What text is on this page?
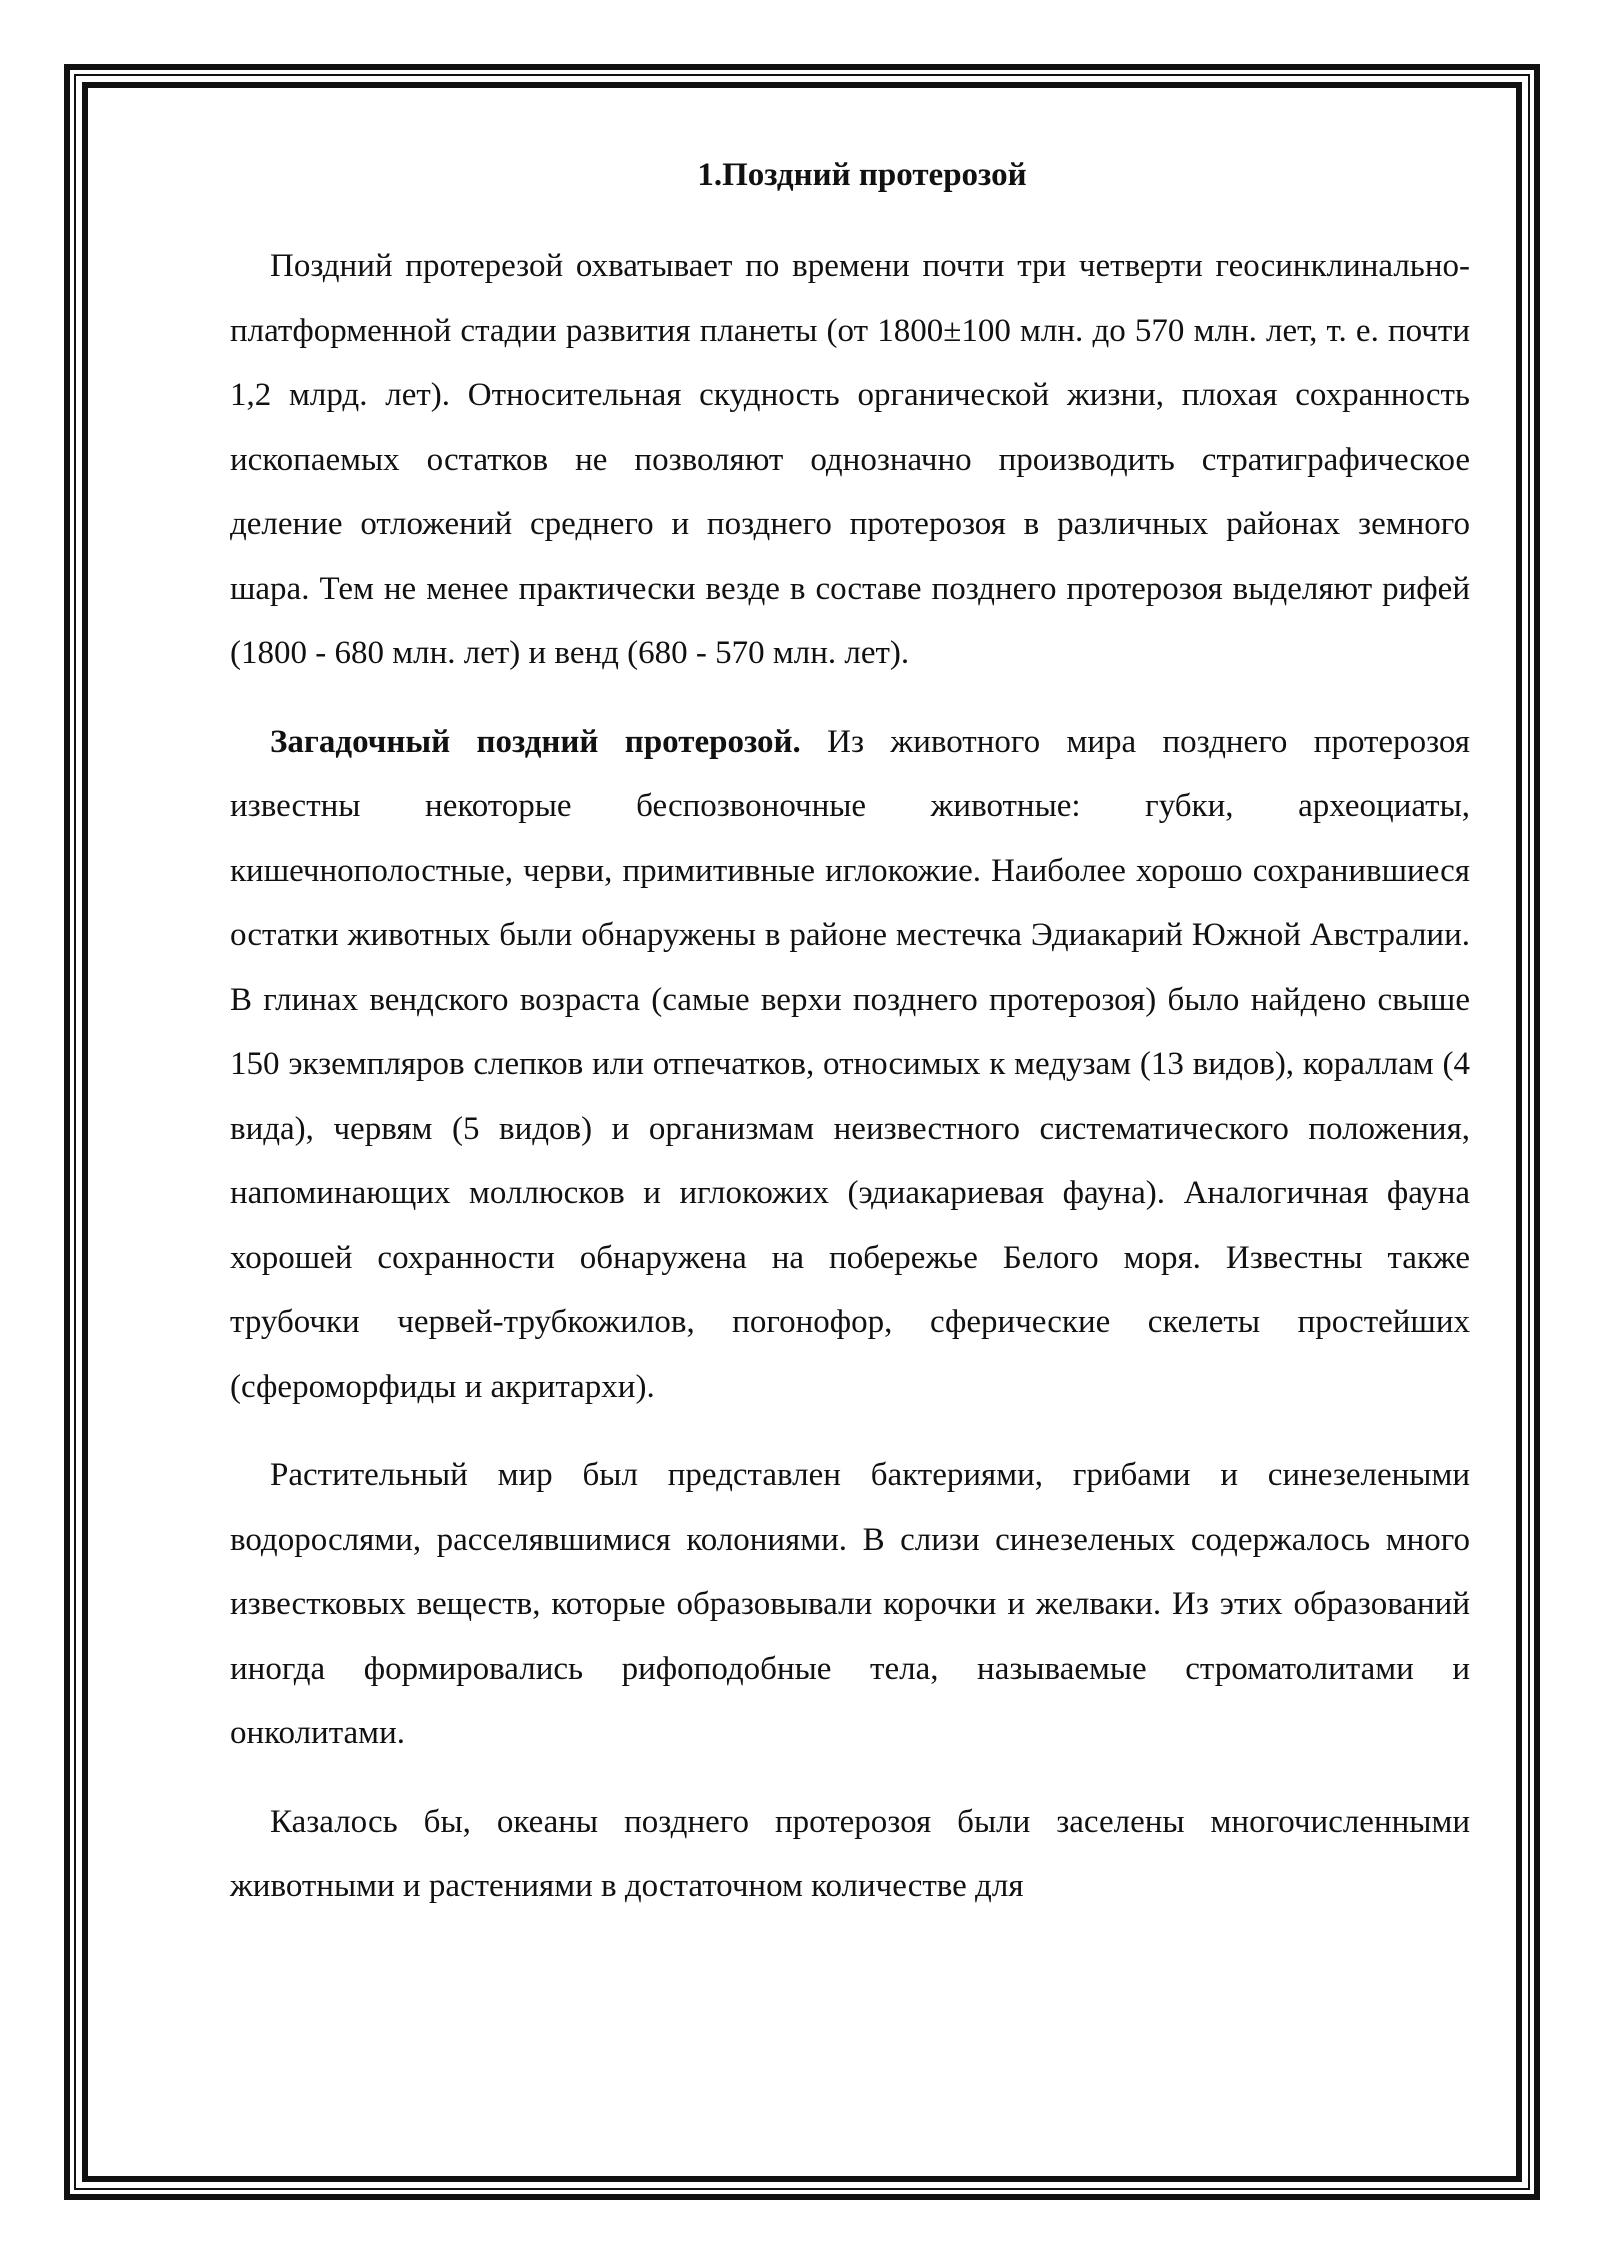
1.Поздний протерозой

Поздний протерезой охватывает по времени почти три четверти геосинклинально-платформенной стадии развития планеты (от 1800±100 млн. до 570 млн. лет, т. е. почти 1,2 млрд. лет). Относительная скудность органической жизни, плохая сохранность ископаемых остатков не позволяют однозначно производить стратиграфическое деление отложений среднего и позднего протерозоя в различных районах земного шара. Тем не менее практически везде в составе позднего протерозоя выделяют рифей (1800 - 680 млн. лет) и венд (680 - 570 млн. лет).

Загадочный поздний протерозой. Из животного мира позднего протерозоя известны некоторые беспозвоночные животные: губки, археоциаты, кишечнополостные, черви, примитивные иглокожие. Наиболее хорошо сохранившиеся остатки животных были обнаружены в районе местечка Эдиакарий Южной Австралии. В глинах вендского возраста (самые верхи позднего протерозоя) было найдено свыше 150 экземпляров слепков или отпечатков, относимых к медузам (13 видов), кораллам (4 вида), червям (5 видов) и организмам неизвестного систематического положения, напоминающих моллюсков и иглокожих (эдиакариевая фауна). Аналогичная фауна хорошей сохранности обнаружена на побережье Белого моря. Известны также трубочки червей-трубкожилов, погонофор, сферические скелеты простейших (сфероморфиды и акритархи).

Растительный мир был представлен бактериями, грибами и синезелеными водорослями, расселявшимися колониями. В слизи синезеленых содержалось много известковых веществ, которые образовывали корочки и желваки. Из этих образований иногда формировались рифоподобные тела, называемые строматолитами и онколитами.

Казалось бы, океаны позднего протерозоя были заселены многочисленными животными и растениями в достаточном количестве для
